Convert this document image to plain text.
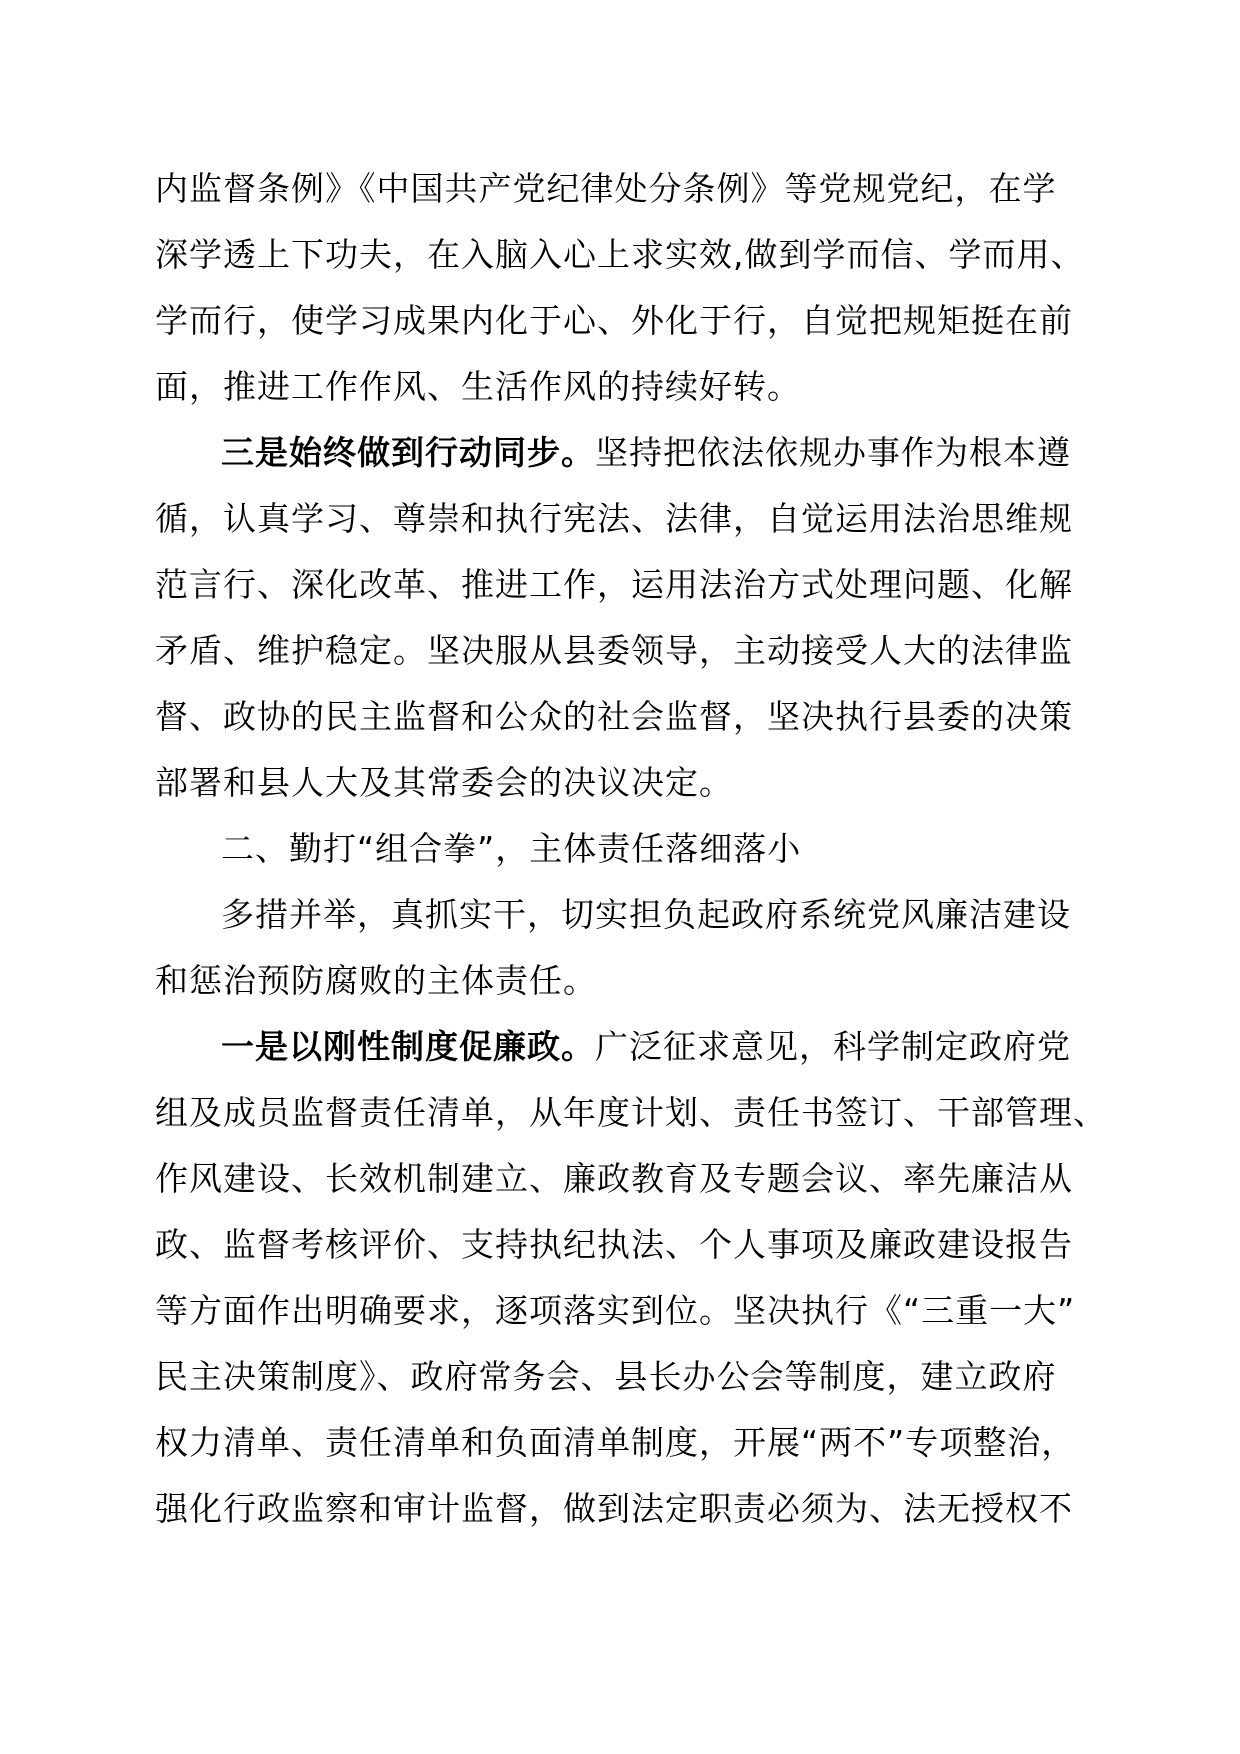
内监督条例》《中国共产党纪律处分条例》等党规党纪，在学
深学透上下功夫，在入脑入心上求实效,做到学而信、学而用、
学而行，使学习成果内化于心、外化于行，自觉把规矩挺在前
面，推进工作作风、生活作风的持续好转。
三是始终做到行动同步。坚持把依法依规办事作为根本遵
循，认真学习、尊崇和执行宪法、法律，自觉运用法治思维规
范言行、深化改革、推进工作，运用法治方式处理问题、化解
矛盾、维护稳定。坚决服从县委领导，主动接受人大的法律监
督、政协的民主监督和公众的社会监督，坚决执行县委的决策
部署和县人大及其常委会的决议决定。
二、勤打“组合拳”，主体责任落细落小
多措并举，真抓实干，切实担负起政府系统党风廉洁建设
和惩治预防腐败的主体责任。
一是以刚性制度促廉政。广泛征求意见，科学制定政府党
组及成员监督责任清单，从年度计划、责任书签订、干部管理、
作风建设、长效机制建立、廉政教育及专题会议、率先廉洁从
政、监督考核评价、支持执纪执法、个人事项及廉政建设报告
等方面作出明确要求，逐项落实到位。坚决执行《“三重一大”
民主决策制度》、政府常务会、县长办公会等制度，建立政府
权力清单、责任清单和负面清单制度，开展“两不”专项整治，
强化行政监察和审计监督，做到法定职责必须为、法无授权不
